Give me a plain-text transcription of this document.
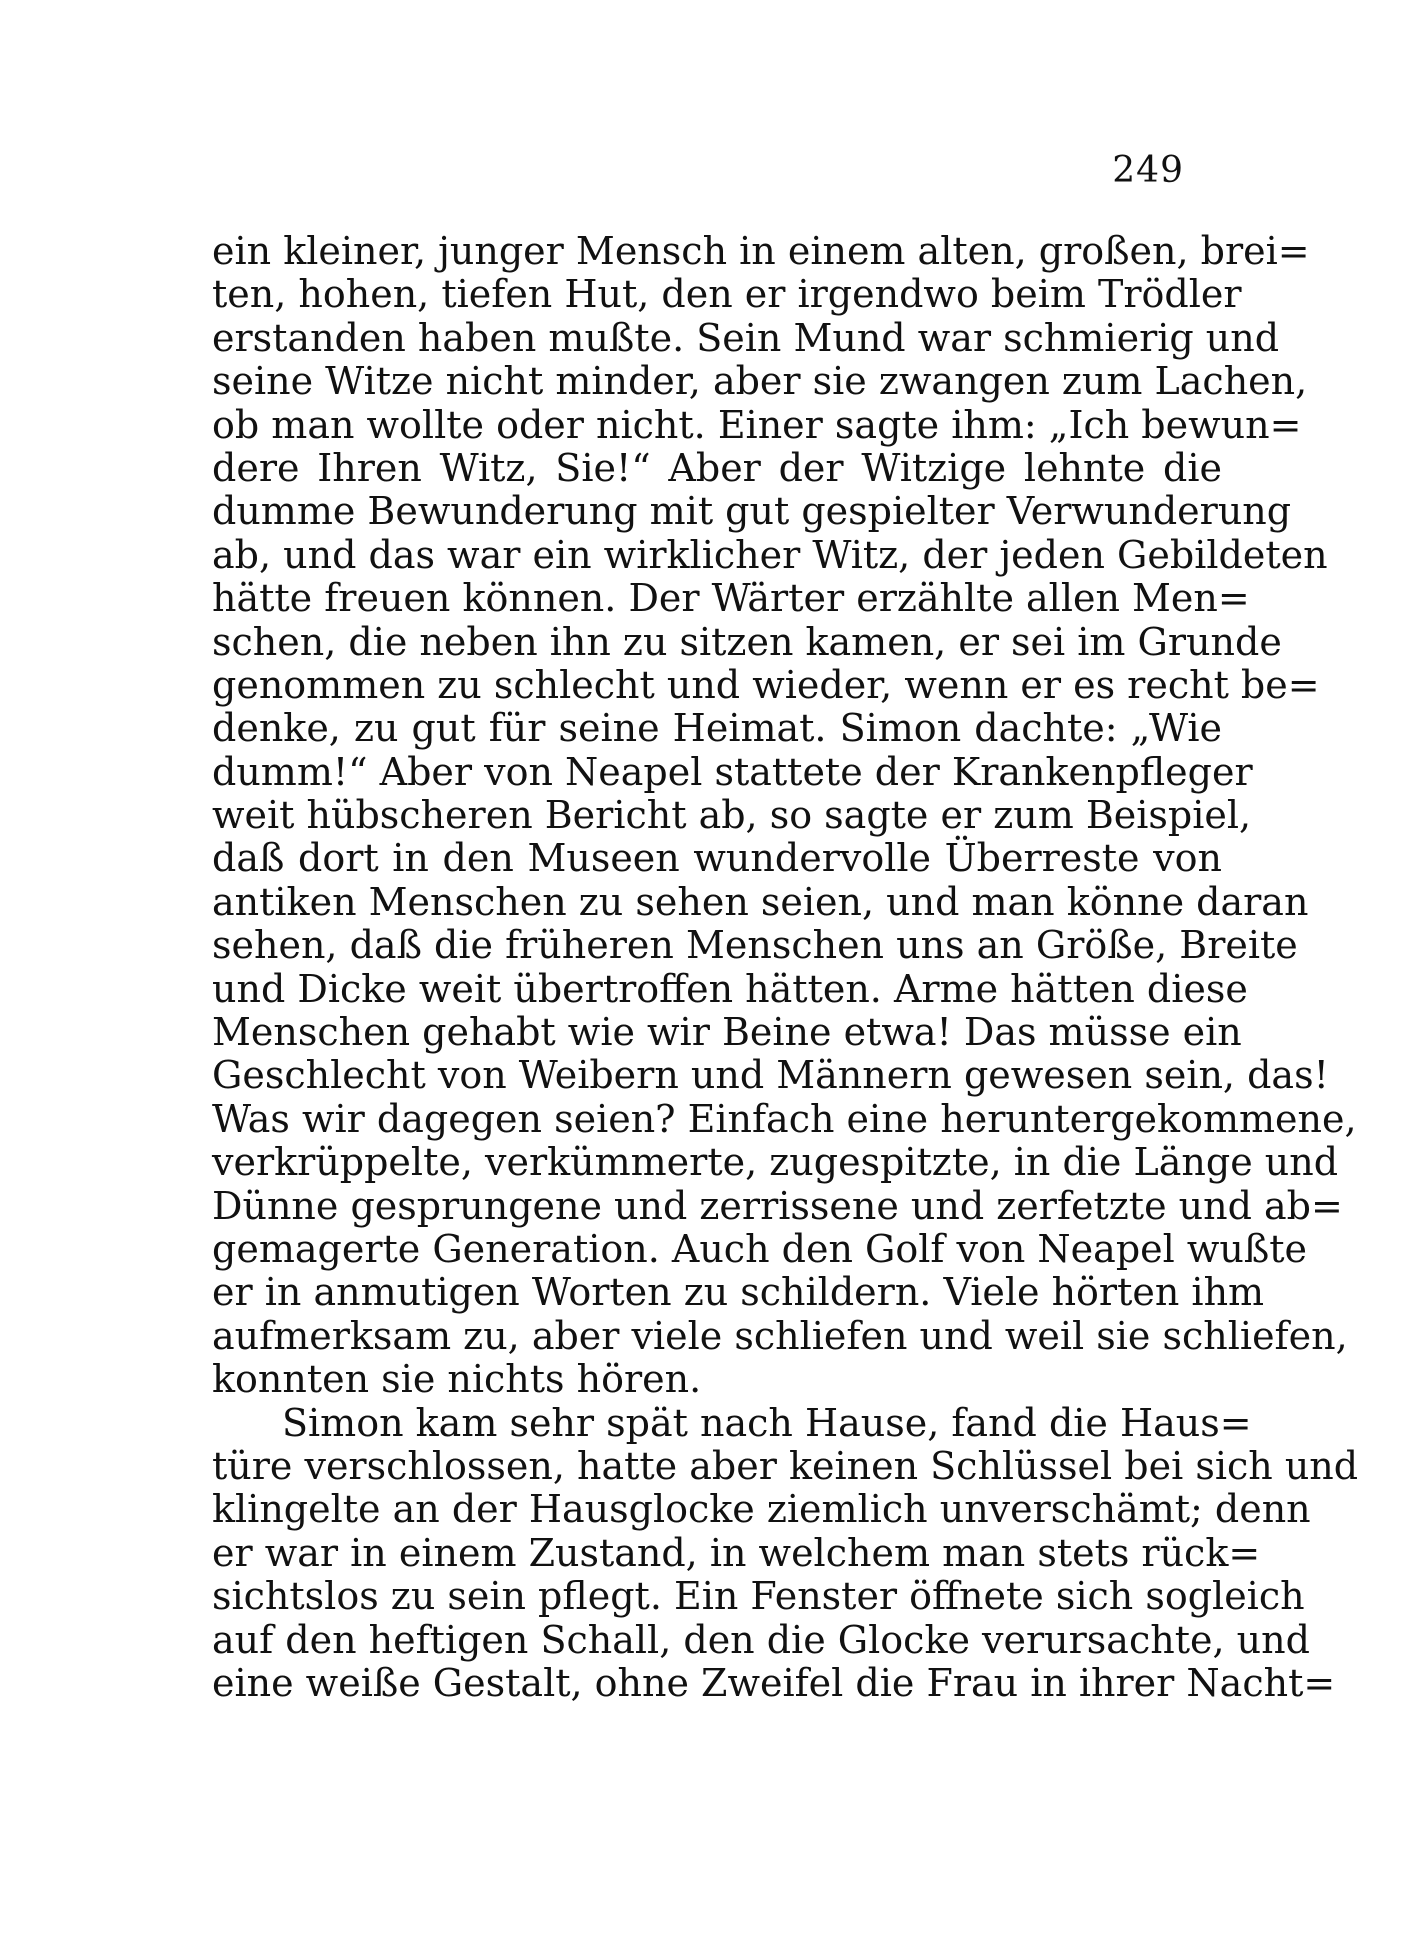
249
ein kleiner, junger Mensch in einem alten, großen, brei=
ten, hohen, tiefen Hut, den er irgendwo beim Trödler
erstanden haben mußte. Sein Mund war schmierig und
seine Witze nicht minder, aber sie zwangen zum Lachen,
ob man wollte oder nicht. Einer sagte ihm: „Ich bewun=
dere Ihren Witz, Sie!“ Aber der Witzige lehnte die
dumme Bewunderung mit gut gespielter Verwunderung
ab, und das war ein wirklicher Witz, der jeden Gebildeten
hätte freuen können. Der Wärter erzählte allen Men=
schen, die neben ihn zu sitzen kamen, er sei im Grunde
genommen zu schlecht und wieder, wenn er es recht be=
denke, zu gut für seine Heimat. Simon dachte: „Wie
dumm!“ Aber von Neapel stattete der Krankenpfleger
weit hübscheren Bericht ab, so sagte er zum Beispiel,
daß dort in den Museen wundervolle Überreste von
antiken Menschen zu sehen seien, und man könne daran
sehen, daß die früheren Menschen uns an Größe, Breite
und Dicke weit übertroffen hätten. Arme hätten diese
Menschen gehabt wie wir Beine etwa! Das müsse ein
Geschlecht von Weibern und Männern gewesen sein, das!
Was wir dagegen seien? Einfach eine heruntergekommene,
verkrüppelte, verkümmerte, zugespitzte, in die Länge und
Dünne gesprungene und zerrissene und zerfetzte und ab=
gemagerte Generation. Auch den Golf von Neapel wußte
er in anmutigen Worten zu schildern. Viele hörten ihm
aufmerksam zu, aber viele schliefen und weil sie schliefen,
konnten sie nichts hören.
Simon kam sehr spät nach Hause, fand die Haus=
türe verschlossen, hatte aber keinen Schlüssel bei sich und
klingelte an der Hausglocke ziemlich unverschämt; denn
er war in einem Zustand, in welchem man stets rück=
sichtslos zu sein pflegt. Ein Fenster öffnete sich sogleich
auf den heftigen Schall, den die Glocke verursachte, und
eine weiße Gestalt, ohne Zweifel die Frau in ihrer Nacht=
